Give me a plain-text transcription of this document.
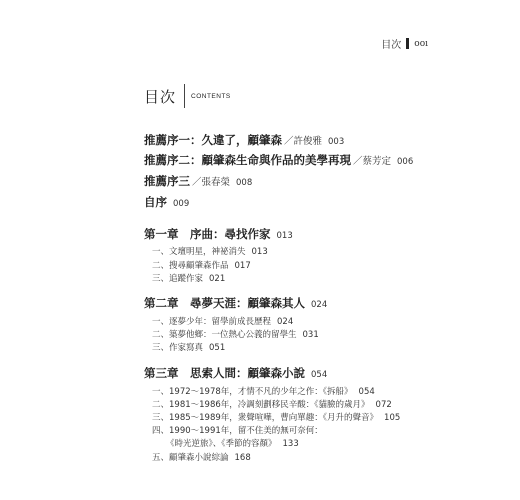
目次 ooı
目次 CONTENTS
推薦序一：久違了，顧肇森 ／許俊雅 003
推薦序二：顧肇森生命與作品的美學再現 ／蔡芳定 006
推薦序三 ／張春榮 008
自序 009
第一章　序曲：尋找作家 013
一、文壇明星，神祕消失 013
二、搜尋顧肇森作品 017
三、追蹤作家 021
第二章　尋夢天涯：顧肇森其人 024
一、逐夢少年：留學前成長歷程 024
二、築夢他鄉：一位熱心公義的留學生 031
三、作家寫真 051
第三章　思索人間：顧肇森小說 054
一、1972～1978年，才情不凡的少年之作：《拆船》 054
二、1981～1986年，冷調刻劃移民辛酸：《貓臉的歲月》 072
三、1985～1989年，衆聲喧嘩，曹向單趣：《月升的聲音》 105
四、1990～1991年，留不住美的無可奈何：
《時光逆旅》、《季節的容顏》 133
五、顧肇森小說綜論 168
